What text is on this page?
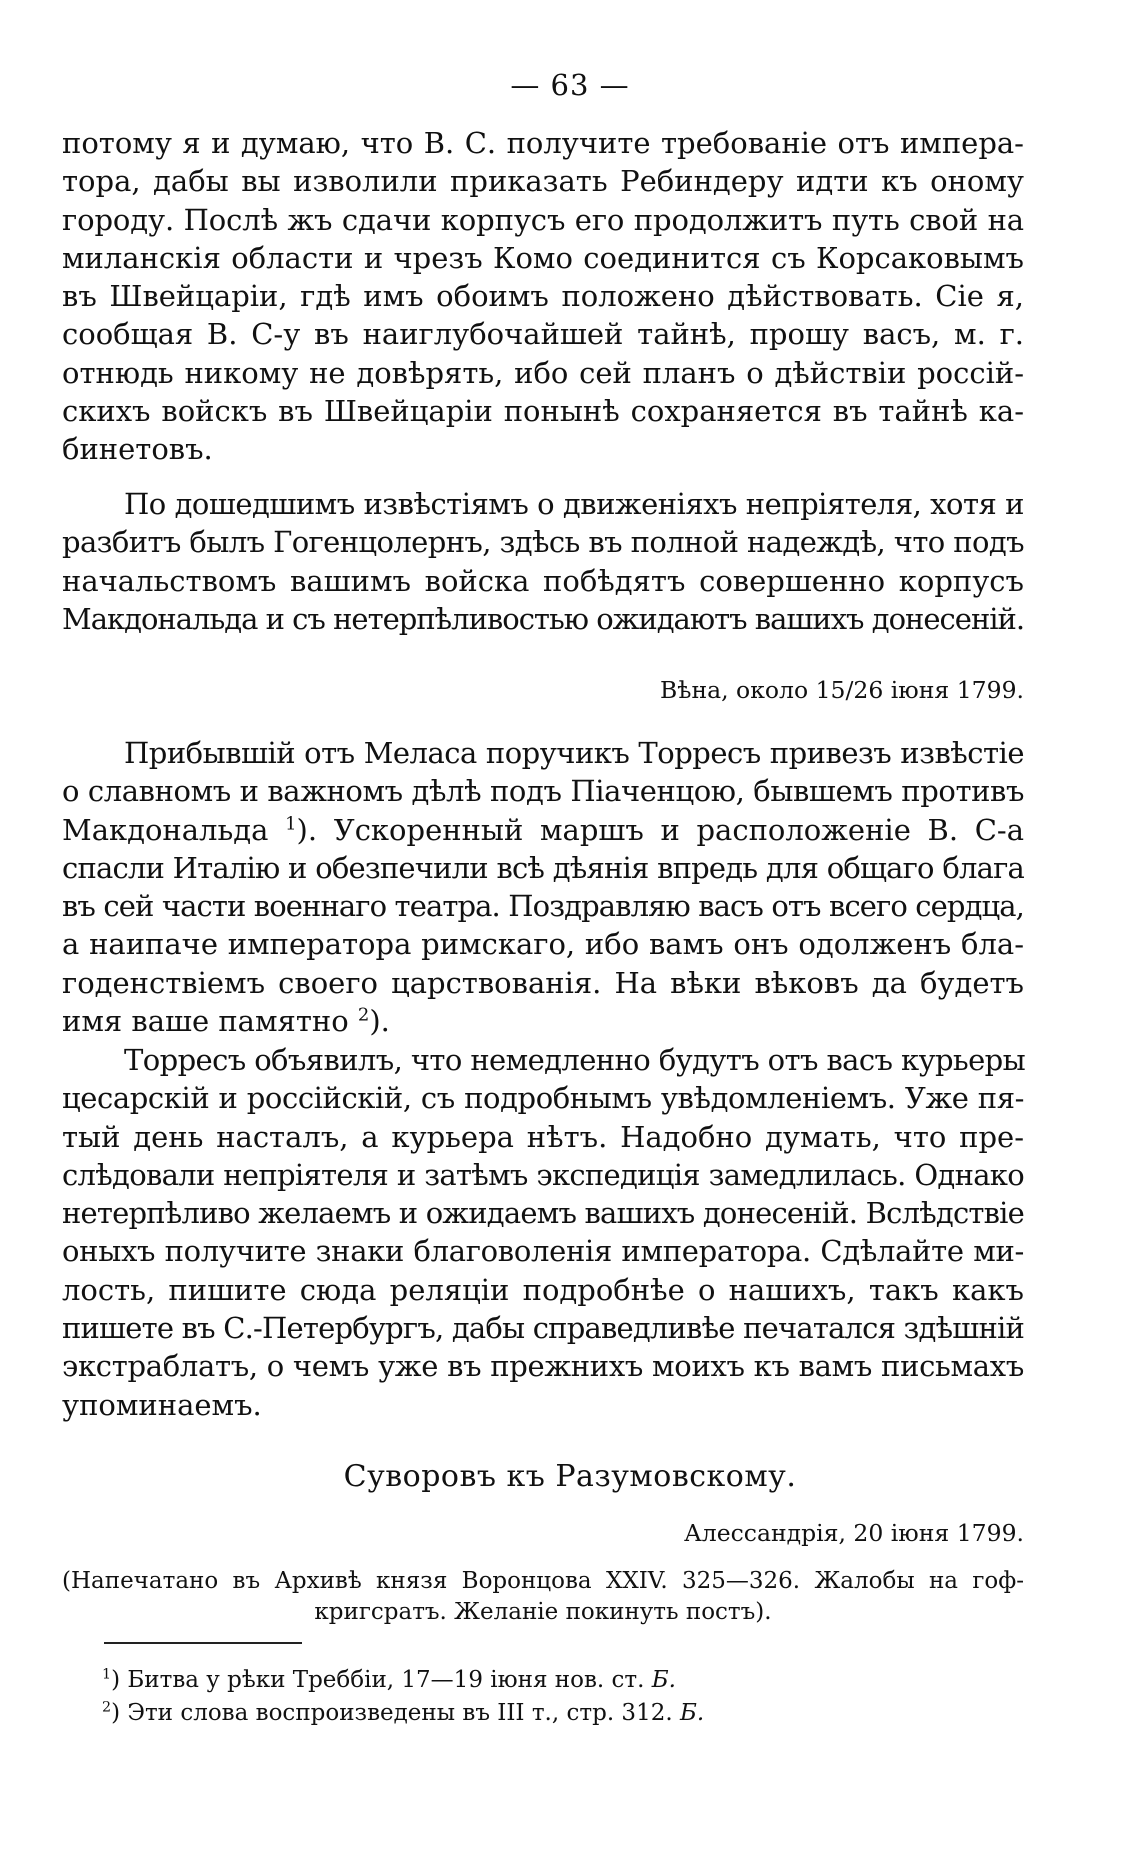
— 63 —
потому я и думаю, что В. С. получите требованіе отъ импера-
тора, дабы вы изволили приказать Ребиндеру идти къ оному
городу. Послѣ жъ сдачи корпусъ его продолжитъ путь свой на
миланскія области и чрезъ Комо соединится съ Корсаковымъ
въ Швейцаріи, гдѣ имъ обоимъ положено дѣйствовать. Сіе я,
сообщая В. С-у въ наиглубочайшей тайнѣ, прошу васъ, м. г.
отнюдь никому не довѣрять, ибо сей планъ о дѣйствіи россій-
скихъ войскъ въ Швейцаріи понынѣ сохраняется въ тайнѣ ка-
бинетовъ.
По дошедшимъ извѣстіямъ о движеніяхъ непріятеля, хотя и
разбитъ былъ Гогенцолернъ, здѣсь въ полной надеждѣ, что подъ
начальствомъ вашимъ войска побѣдятъ совершенно корпусъ
Макдональда и съ нетерпѣливостью ожидаютъ вашихъ донесеній.
Вѣна, около 15/26 іюня 1799.
Прибывшій отъ Меласа поручикъ Торресъ привезъ извѣстіе
о славномъ и важномъ дѣлѣ подъ Піаченцою, бывшемъ противъ
Макдональда $^1$). Ускоренный маршъ и расположеніе В. С-а
спасли Италію и обезпечили всѣ дѣянія впредь для общаго блага
въ сей части военнаго театра. Поздравляю васъ отъ всего сердца,
а наипаче императора римскаго, ибо вамъ онъ одолженъ бла-
годенствіемъ своего царствованія. На вѣки вѣковъ да будетъ
имя ваше памятно $^2$).
Торресъ объявилъ, что немедленно будутъ отъ васъ курьеры
цесарскій и россійскій, съ подробнымъ увѣдомленіемъ. Уже пя-
тый день насталъ, а курьера нѣтъ. Надобно думать, что пре-
слѣдовали непріятеля и затѣмъ экспедиція замедлилась. Однако
нетерпѣливо желаемъ и ожидаемъ вашихъ донесеній. Вслѣдствіе
оныхъ получите знаки благоволенія императора. Сдѣлайте ми-
лость, пишите сюда реляціи подробнѣе о нашихъ, такъ какъ
пишете въ С.-Петербургъ, дабы справедливѣе печатался здѣшній
экстраблатъ, о чемъ уже въ прежнихъ моихъ къ вамъ письмахъ
упоминаемъ.
Суворовъ къ Разумовскому.
Алессандрія, 20 іюня 1799.
(Напечатано въ Архивѣ князя Воронцова XXIV. 325—326. Жалобы на гоф-
кригсратъ. Желаніе покинуть постъ).
$^1$) Битва у рѣки Треббіи, 17—19 іюня нов. ст. Б.
$^2$) Эти слова воспроизведены въ III т., стр. 312. Б.
